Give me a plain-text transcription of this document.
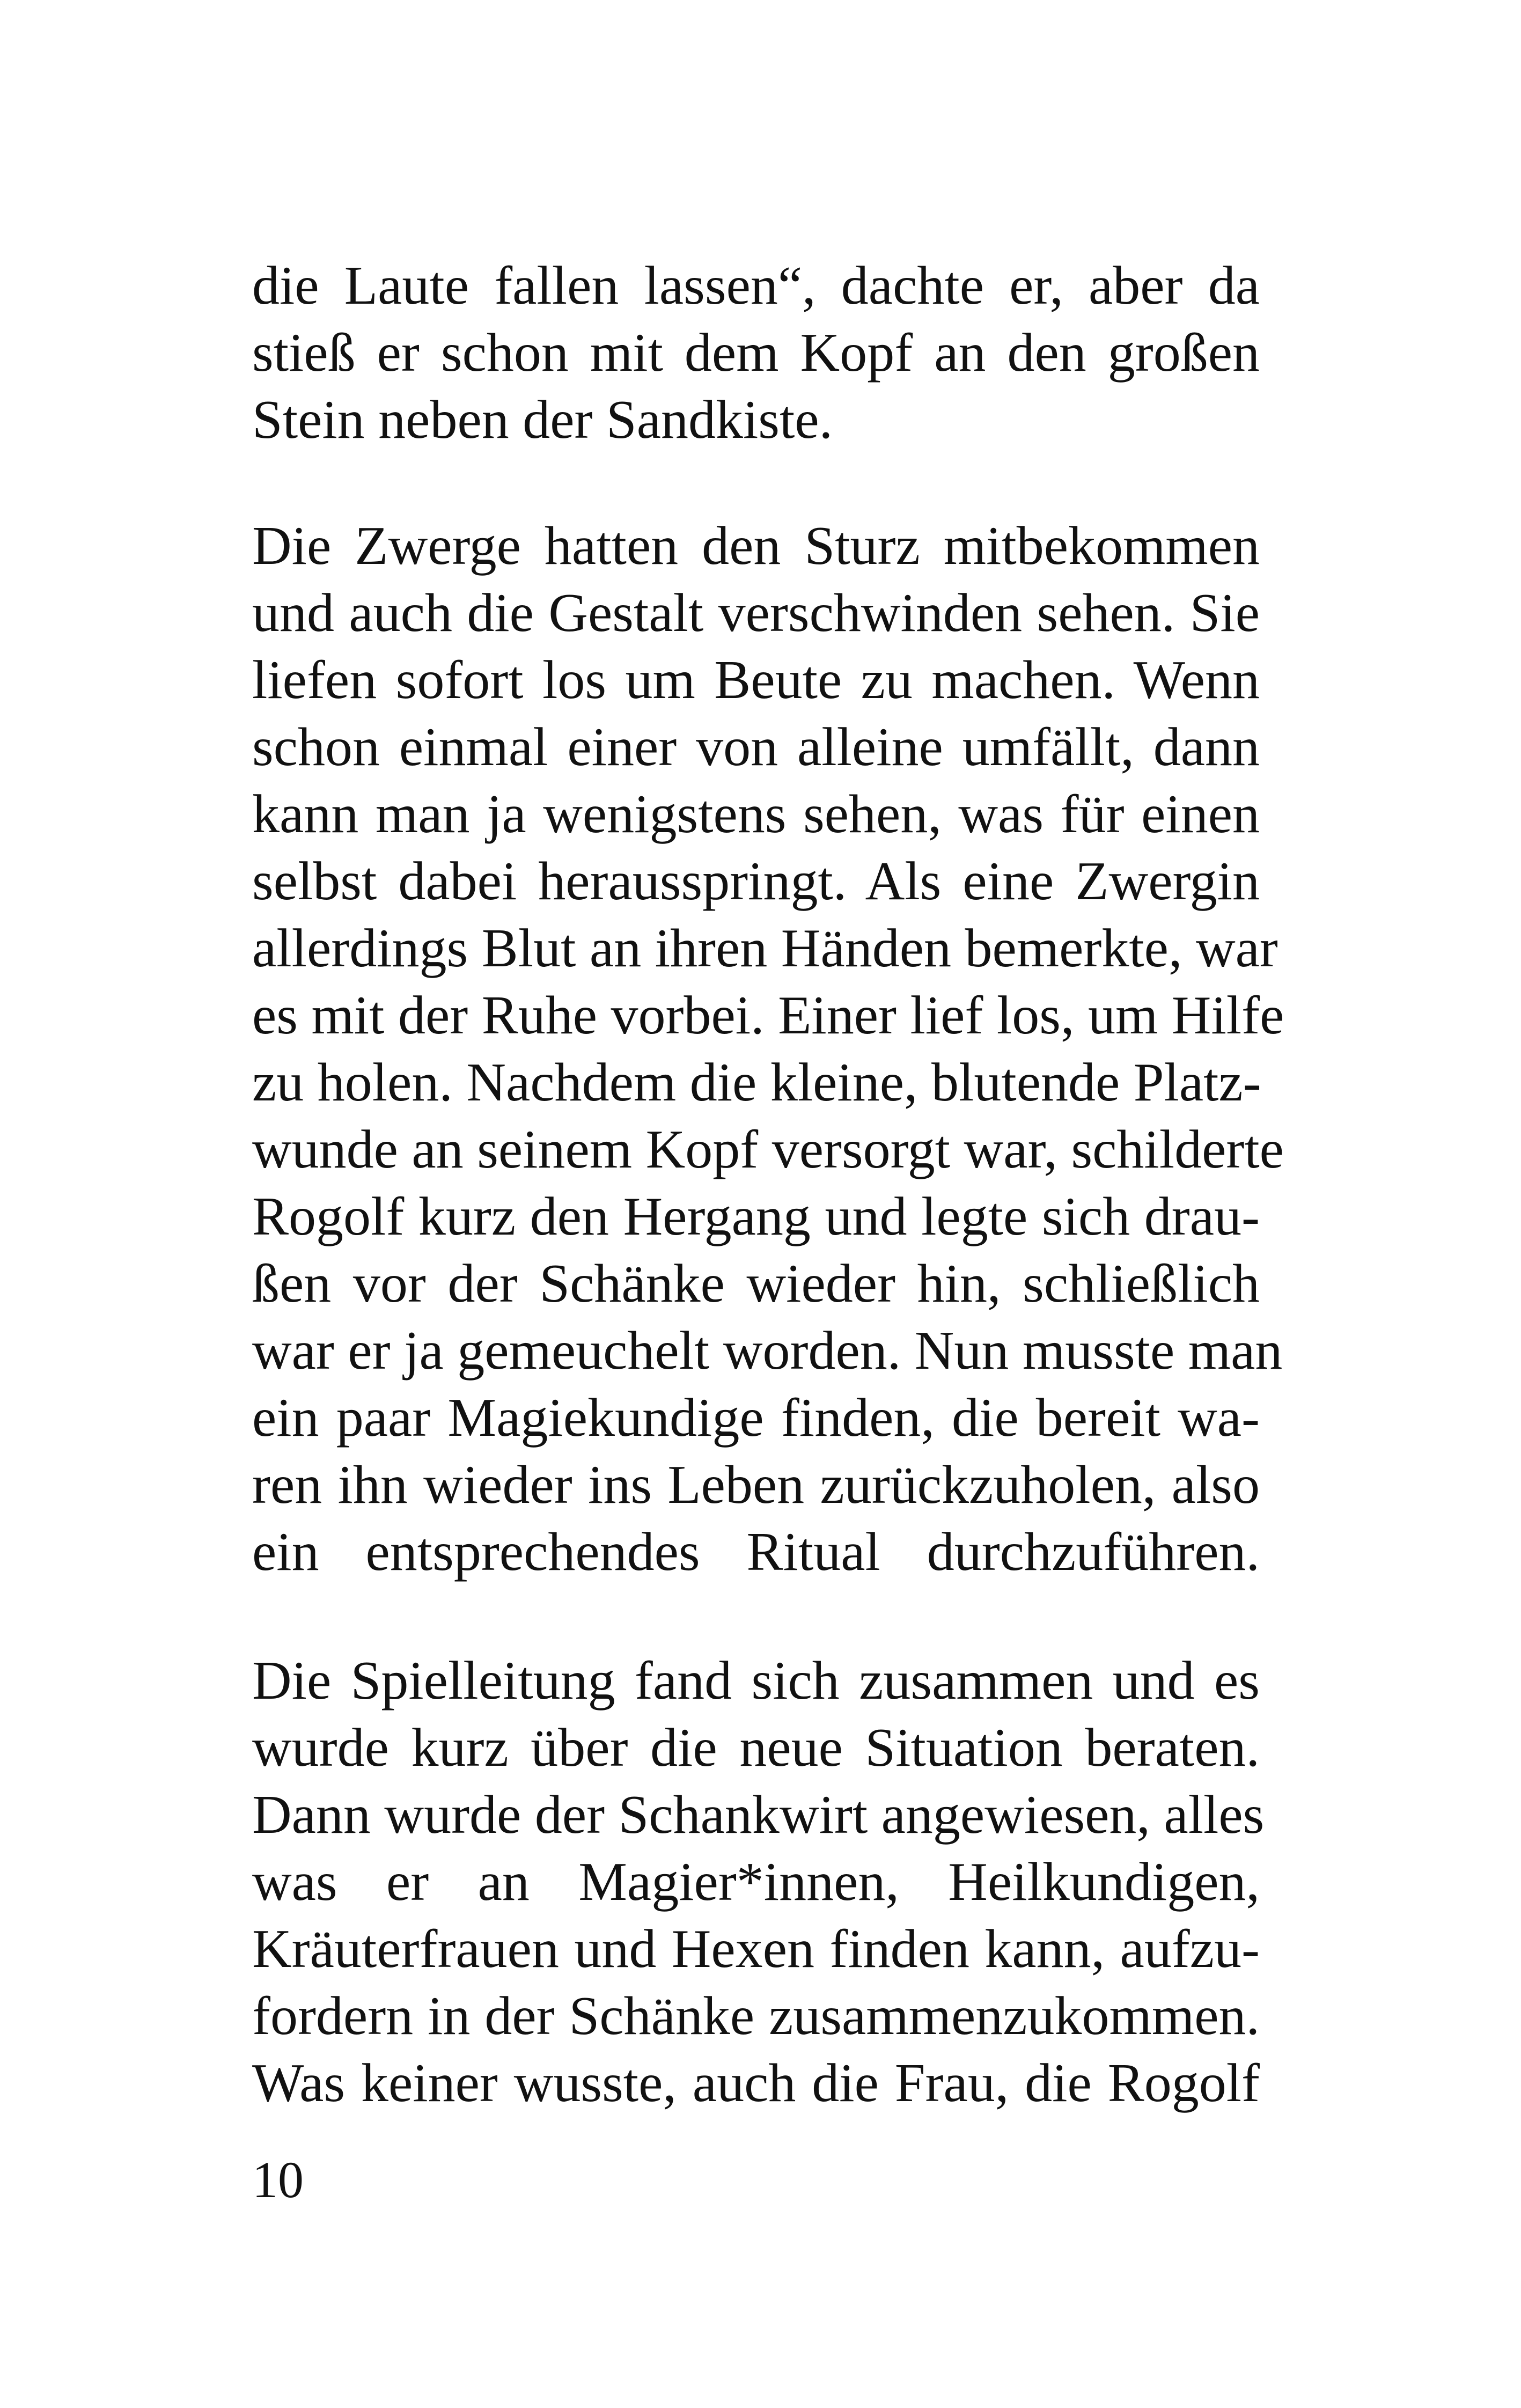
die Laute fallen lassen“, dachte er, aber da
stieß er schon mit dem Kopf an den großen
Stein neben der Sandkiste.
Die Zwerge hatten den Sturz mitbekommen
und auch die Gestalt verschwinden sehen. Sie
liefen sofort los um Beute zu machen. Wenn
schon einmal einer von alleine umfällt, dann
kann man ja wenigstens sehen, was für einen
selbst dabei herausspringt. Als eine Zwergin
allerdings Blut an ihren Händen bemerkte, war
es mit der Ruhe vorbei. Einer lief los, um Hilfe
zu holen. Nachdem die kleine, blutende Platz-
wunde an seinem Kopf versorgt war, schilderte
Rogolf kurz den Hergang und legte sich drau-
ßen vor der Schänke wieder hin, schließlich
war er ja gemeuchelt worden. Nun musste man
ein paar Magiekundige finden, die bereit wa-
ren ihn wieder ins Leben zurückzuholen, also
ein entsprechendes Ritual durchzuführen.
Die Spielleitung fand sich zusammen und es
wurde kurz über die neue Situation beraten.
Dann wurde der Schankwirt angewiesen, alles
was er an Magier*innen, Heilkundigen,
Kräuterfrauen und Hexen finden kann, aufzu-
fordern in der Schänke zusammenzukommen.
Was keiner wusste, auch die Frau, die Rogolf
10
